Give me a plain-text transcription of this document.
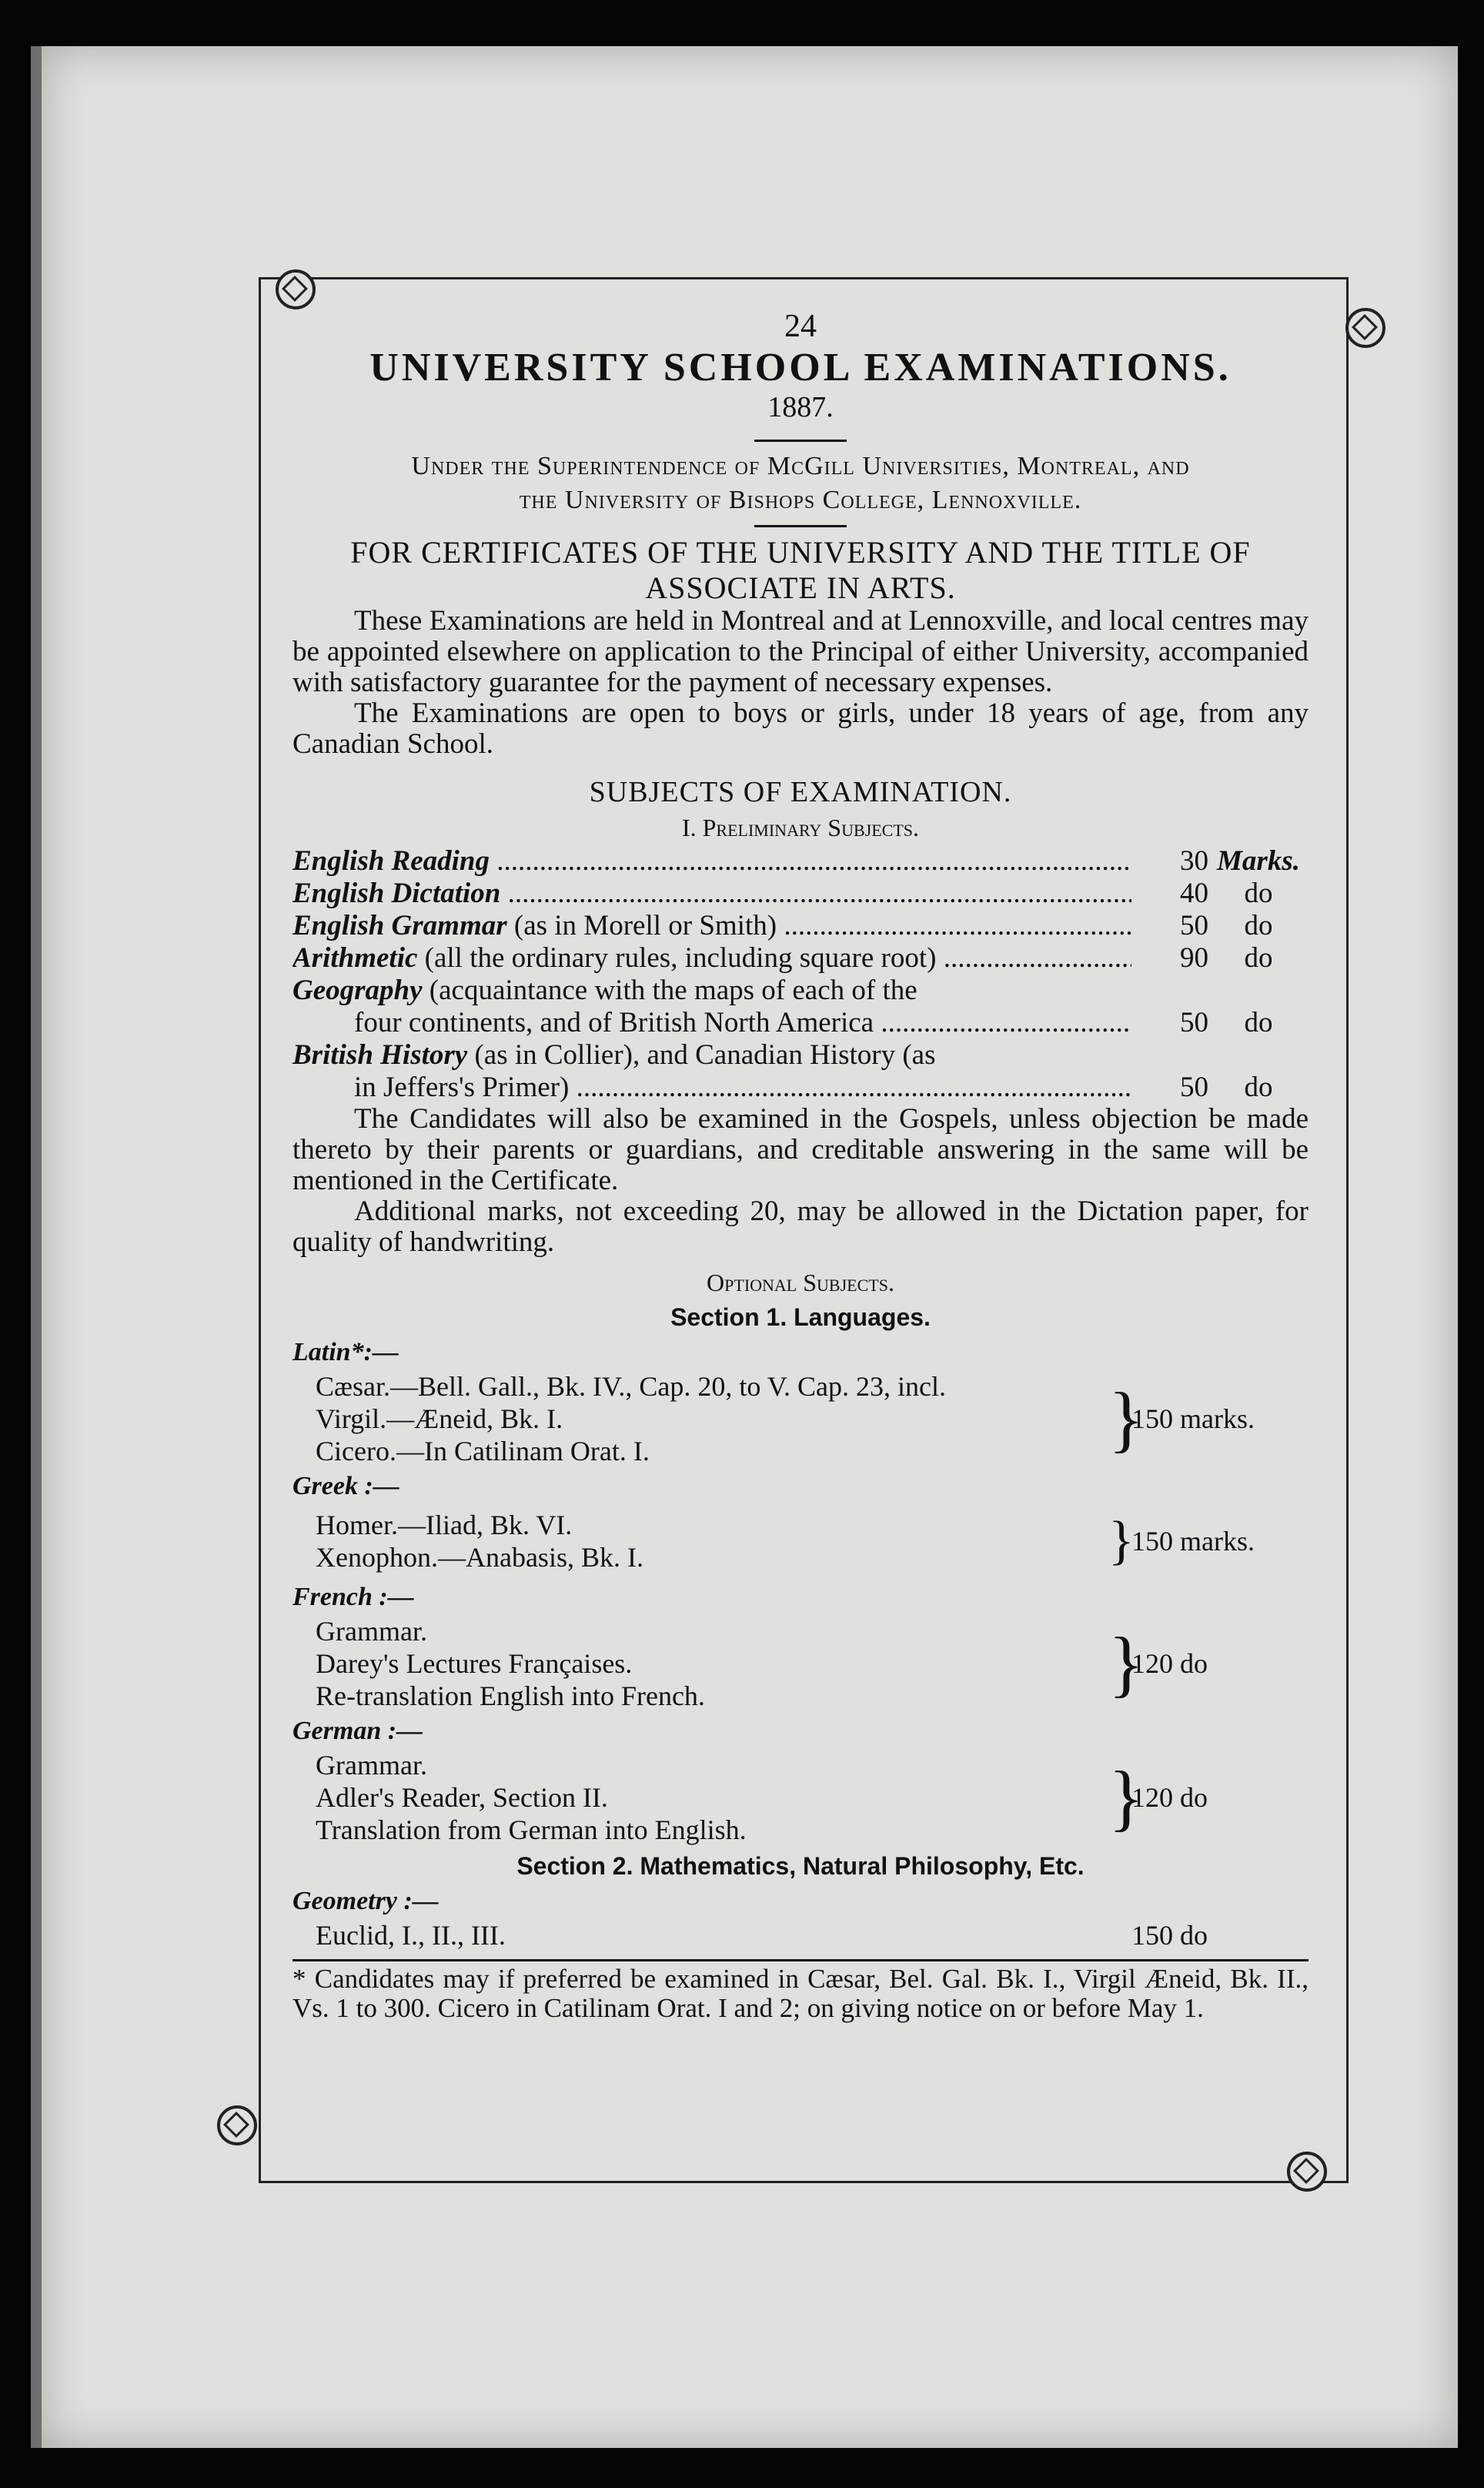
24

UNIVERSITY SCHOOL EXAMINATIONS.

1887.

Under the Superintendence of McGill Universities, Montreal, and

the University of Bishops College, Lennoxville.

FOR CERTIFICATES OF THE UNIVERSITY AND THE TITLE OF

ASSOCIATE IN ARTS.

These Examinations are held in Montreal and at Lennoxville, and local centres may be appointed elsewhere on application to the Principal of either University, accompanied with satisfactory guarantee for the payment of necessary expenses.

The Examinations are open to boys or girls, under 18 years of age, from any Canadian School.

SUBJECTS OF EXAMINATION.

I. Preliminary Subjects.

English Reading .....	30 Marks.
English Dictation .....	40	do
English Grammar (as in Morell or Smith) .....	50	do
Arithmetic (all the ordinary rules, including square root) .....	90	do
Geography (acquaintance with the maps of each of the
four continents, and of British North America .....	50	do
British History (as in Collier), and Canadian History (as
in Jeffers's Primer) .....	50	do

The Candidates will also be examined in the Gospels, unless objection be made thereto by their parents or guardians, and creditable answering in the same will be mentioned in the Certificate.

Additional marks, not exceeding 20, may be allowed in the Dictation paper, for quality of handwriting.

Optional Subjects.

Section 1. Languages.

Latin*:—

Cæsar.—Bell. Gall., Bk. IV., Cap. 20, to V. Cap. 23, incl.
Virgil.—Æneid, Bk. I.
Cicero.—In Catilinam Orat. I.	}
150 marks.

Greek :—

Homer.—Iliad, Bk. VI.
Xenophon.—Anabasis, Bk. I.	}
150 marks.

French :—

Grammar.
Darey's Lectures Françaises.
Re-translation English into French.	}
120 do

German :—

Grammar.
Adler's Reader, Section II.
Translation from German into English.	}
120 do

Section 2. Mathematics, Natural Philosophy, Etc.

Geometry :—

Euclid, I., II., III.	150 do

* Candidates may if preferred be examined in Cæsar, Bel. Gal. Bk. I., Virgil Æneid, Bk. II., Vs. 1 to 300. Cicero in Catilinam Orat. I and 2; on giving notice on or before May 1.
